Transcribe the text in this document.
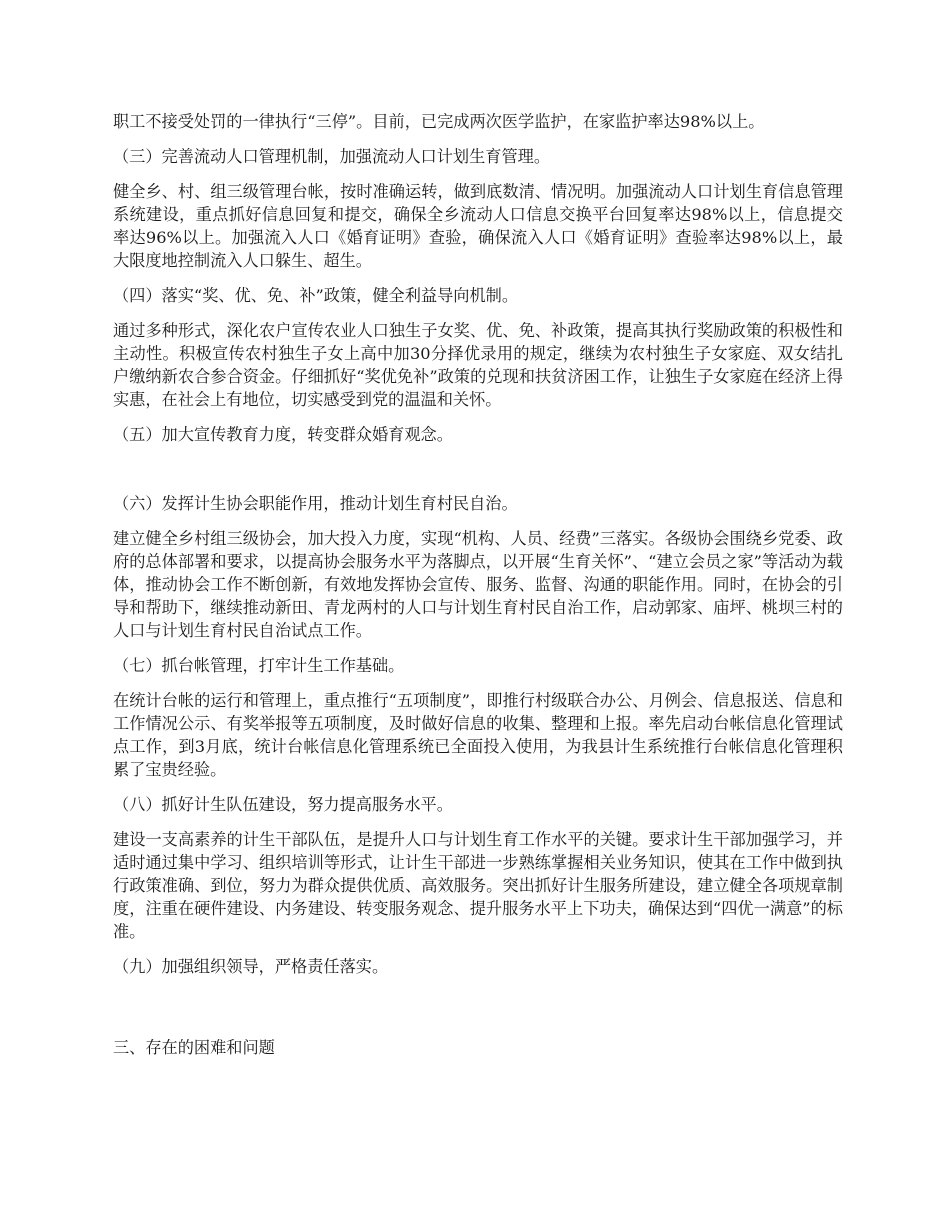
职工不接受处罚的一律执行“三停”。目前，已完成两次医学监护，在家监护率达98%以上。

（三）完善流动人口管理机制，加强流动人口计划生育管理。

健全乡、村、组三级管理台帐，按时准确运转，做到底数清、情况明。加强流动人口计划生育信息管理系统建设，重点抓好信息回复和提交，确保全乡流动人口信息交换平台回复率达98%以上，信息提交率达96%以上。加强流入人口《婚育证明》查验，确保流入人口《婚育证明》查验率达98%以上，最大限度地控制流入人口躲生、超生。

（四）落实“奖、优、免、补”政策，健全利益导向机制。

通过多种形式，深化农户宣传农业人口独生子女奖、优、免、补政策，提高其执行奖励政策的积极性和主动性。积极宣传农村独生子女上高中加30分择优录用的规定，继续为农村独生子女家庭、双女结扎户缴纳新农合参合资金。仔细抓好“奖优免补”政策的兑现和扶贫济困工作，让独生子女家庭在经济上得实惠，在社会上有地位，切实感受到党的温温和关怀。

（五）加大宣传教育力度，转变群众婚育观念。

（六）发挥计生协会职能作用，推动计划生育村民自治。

建立健全乡村组三级协会，加大投入力度，实现“机构、人员、经费”三落实。各级协会围绕乡党委、政府的总体部署和要求，以提高协会服务水平为落脚点，以开展“生育关怀”、“建立会员之家”等活动为载体，推动协会工作不断创新，有效地发挥协会宣传、服务、监督、沟通的职能作用。同时，在协会的引导和帮助下，继续推动新田、青龙两村的人口与计划生育村民自治工作，启动郭家、庙坪、桃坝三村的人口与计划生育村民自治试点工作。

（七）抓台帐管理，打牢计生工作基础。

在统计台帐的运行和管理上，重点推行“五项制度”，即推行村级联合办公、月例会、信息报送、信息和工作情况公示、有奖举报等五项制度，及时做好信息的收集、整理和上报。率先启动台帐信息化管理试点工作，到3月底，统计台帐信息化管理系统已全面投入使用，为我县计生系统推行台帐信息化管理积累了宝贵经验。

（八）抓好计生队伍建设，努力提高服务水平。

建设一支高素养的计生干部队伍，是提升人口与计划生育工作水平的关键。要求计生干部加强学习，并适时通过集中学习、组织培训等形式，让计生干部进一步熟练掌握相关业务知识，使其在工作中做到执行政策准确、到位，努力为群众提供优质、高效服务。突出抓好计生服务所建设，建立健全各项规章制度，注重在硬件建设、内务建设、转变服务观念、提升服务水平上下功夫，确保达到“四优一满意”的标准。

（九）加强组织领导，严格责任落实。

三、存在的困难和问题
